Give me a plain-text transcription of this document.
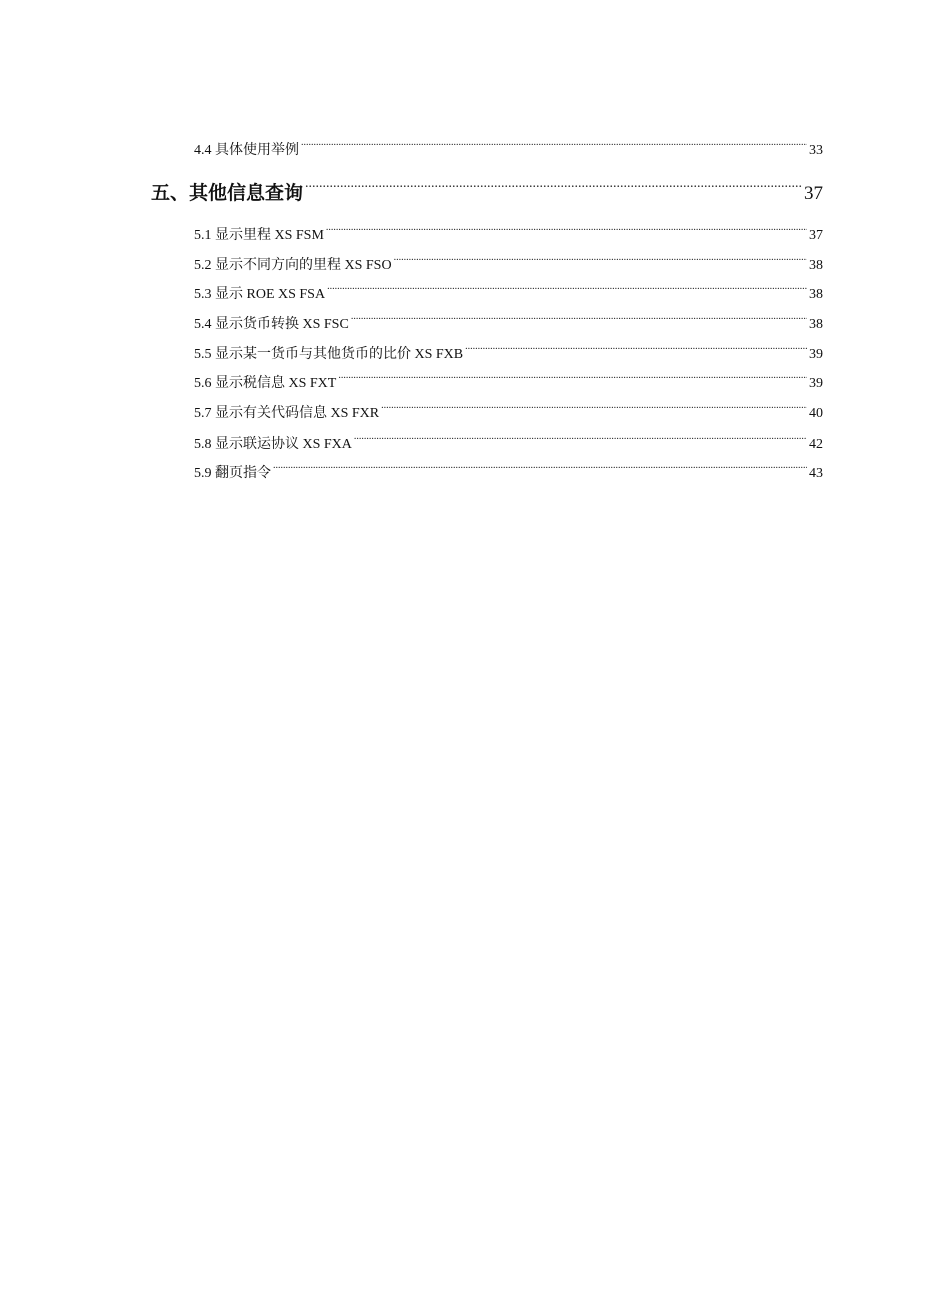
4.4 具体使用举例 .....	33
五、其他信息查询 .....	37
5.1 显示里程 XS FSM .....	37
5.2 显示不同方向的里程 XS FSO .....	38
5.3 显示 ROE XS FSA .....	38
5.4 显示货币转换 XS FSC .....	38
5.5 显示某一货币与其他货币的比价 XS FXB .....	39
5.6 显示税信息 XS FXT .....	39
5.7 显示有关代码信息 XS FXR .....	40
5.8 显示联运协议 XS FXA .....	42
5.9 翻页指令 .....	43
